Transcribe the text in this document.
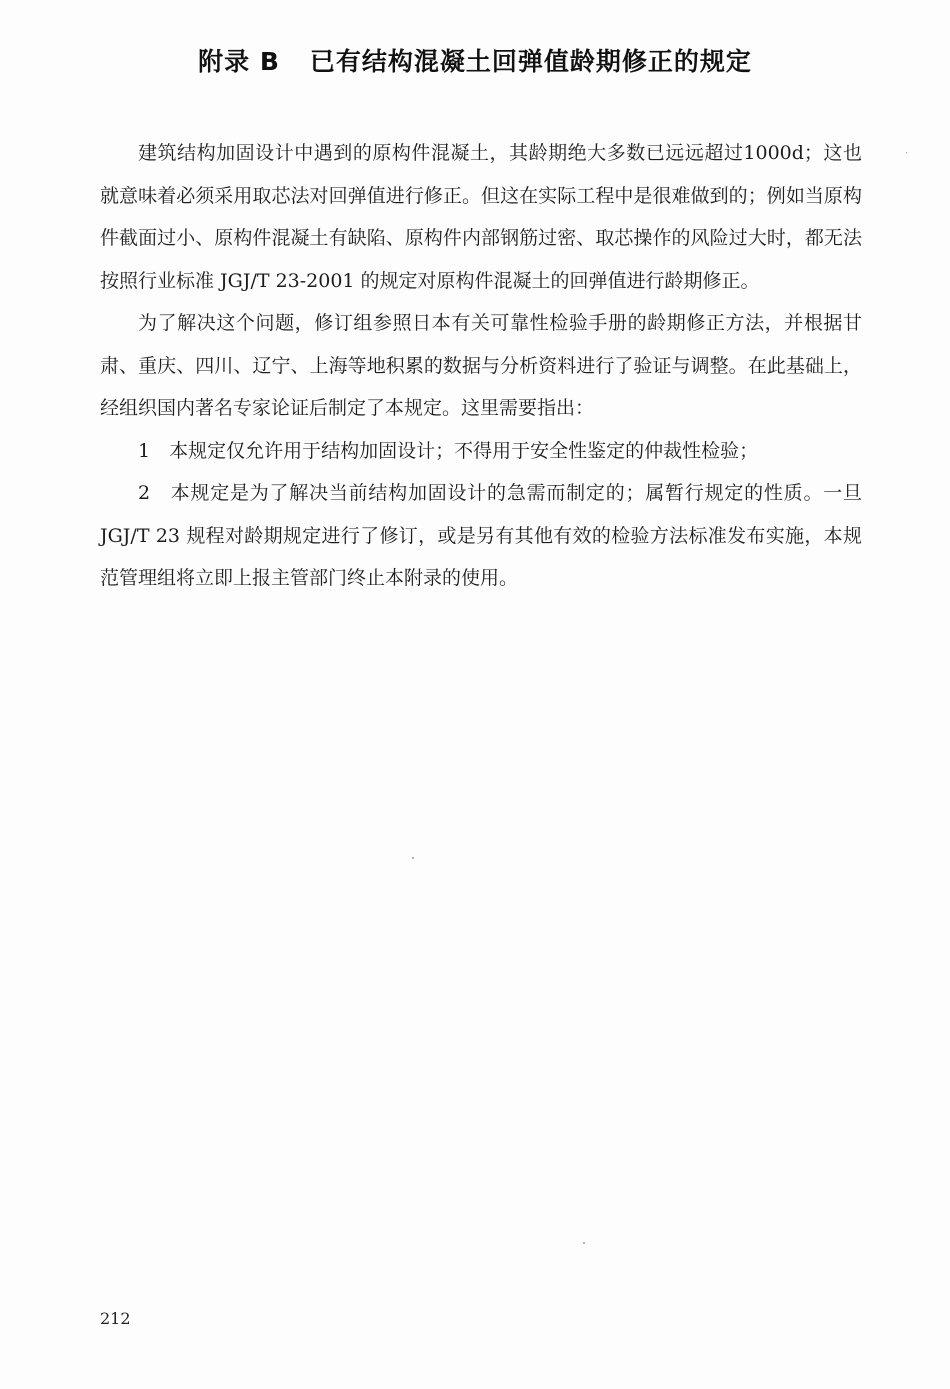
附录 B 已有结构混凝土回弹值龄期修正的规定

建筑结构加固设计中遇到的原构件混凝土，其龄期绝大多数已远远超过1000d；这也就意味着必须采用取芯法对回弹值进行修正。但这在实际工程中是很难做到的；例如当原构件截面过小、原构件混凝土有缺陷、原构件内部钢筋过密、取芯操作的风险过大时，都无法按照行业标准 JGJ/T 23-2001 的规定对原构件混凝土的回弹值进行龄期修正。

为了解决这个问题，修订组参照日本有关可靠性检验手册的龄期修正方法，并根据甘肃、重庆、四川、辽宁、上海等地积累的数据与分析资料进行了验证与调整。在此基础上，经组织国内著名专家论证后制定了本规定。这里需要指出：

1　本规定仅允许用于结构加固设计；不得用于安全性鉴定的仲裁性检验；

2　本规定是为了解决当前结构加固设计的急需而制定的；属暂行规定的性质。一旦 JGJ/T 23 规程对龄期规定进行了修订，或是另有其他有效的检验方法标准发布实施，本规范管理组将立即上报主管部门终止本附录的使用。

212
